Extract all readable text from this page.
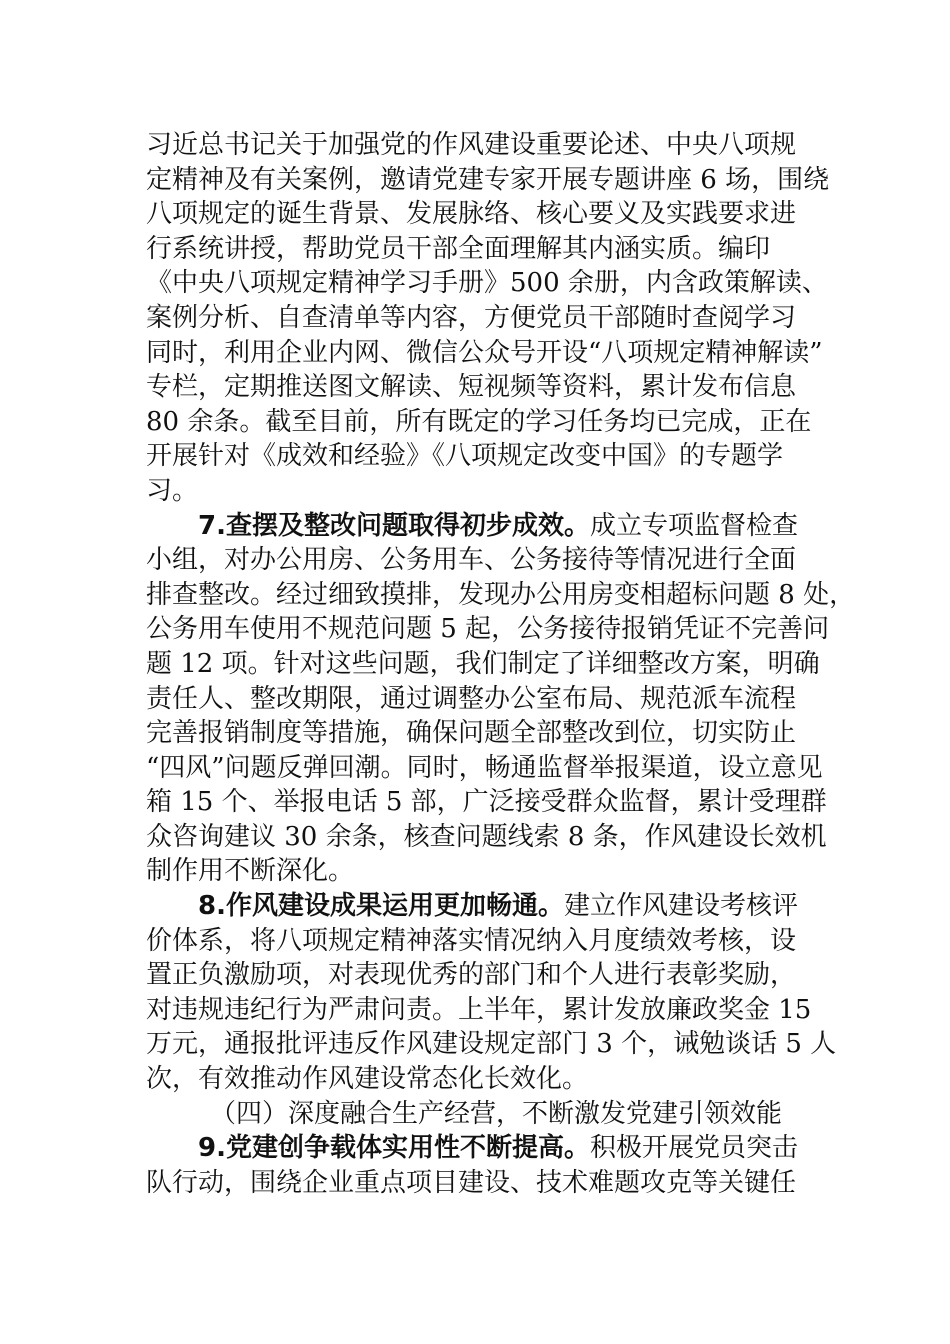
习近总书记关于加强党的作风建设重要论述、中央八项规
定精神及有关案例，邀请党建专家开展专题讲座 6 场，围绕
八项规定的诞生背景、发展脉络、核心要义及实践要求进
行系统讲授，帮助党员干部全面理解其内涵实质。编印
《中央八项规定精神学习手册》500 余册，内含政策解读、
案例分析、自查清单等内容，方便党员干部随时查阅学习
同时，利用企业内网、微信公众号开设“八项规定精神解读”
专栏，定期推送图文解读、短视频等资料，累计发布信息
80 余条。截至目前，所有既定的学习任务均已完成，正在
开展针对《成效和经验》《八项规定改变中国》的专题学
习。
7.查摆及整改问题取得初步成效。成立专项监督检查
小组，对办公用房、公务用车、公务接待等情况进行全面
排查整改。经过细致摸排，发现办公用房变相超标问题 8 处，
公务用车使用不规范问题 5 起，公务接待报销凭证不完善问
题 12 项。针对这些问题，我们制定了详细整改方案，明确
责任人、整改期限，通过调整办公室布局、规范派车流程
完善报销制度等措施，确保问题全部整改到位，切实防止
“四风”问题反弹回潮。同时，畅通监督举报渠道，设立意见
箱 15 个、举报电话 5 部，广泛接受群众监督，累计受理群
众咨询建议 30 余条，核查问题线索 8 条，作风建设长效机
制作用不断深化。
8.作风建设成果运用更加畅通。建立作风建设考核评
价体系，将八项规定精神落实情况纳入月度绩效考核，设
置正负激励项，对表现优秀的部门和个人进行表彰奖励，
对违规违纪行为严肃问责。上半年，累计发放廉政奖金 15
万元，通报批评违反作风建设规定部门 3 个，诫勉谈话 5 人
次，有效推动作风建设常态化长效化。
（四）深度融合生产经营，不断激发党建引领效能
9.党建创争载体实用性不断提高。积极开展党员突击
队行动，围绕企业重点项目建设、技术难题攻克等关键任
